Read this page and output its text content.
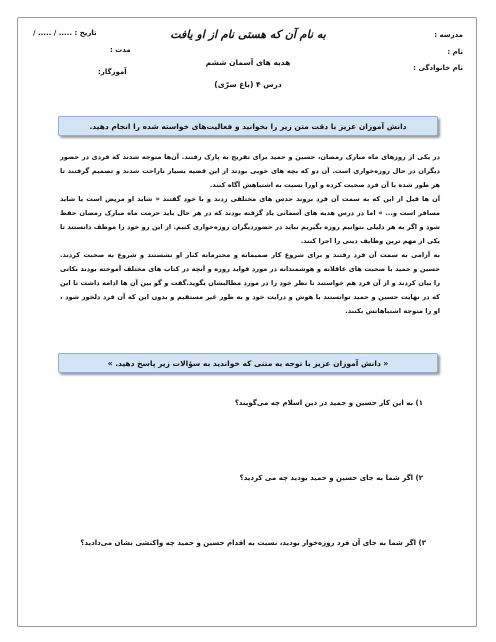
مدرسه :
نام :
نام خانوادگی :
تاریخ : ..... / ..... /
مدت :
آموزگار:
به نام آن که هستی نام از او یافت
هدیه های آسمان ششم
درس ۴ (باغ سرّی)
دانش آموزان عزیز با دقت متن زیر را بخوانید و فعالیت‌های خواسته شده را انجام دهید.

در یکی از روزهای ماه مبارک رمضان، حسین و حمید برای تفریح به پارک رفتند. آن‌ها متوجه شدند که فردی در حضور دیگران در حال روزه‌خواری است. آن دو که بچه های خوبی بودند از این قضیه بسیار ناراحت شدند و تصمیم گرفتند تا هر طور شده با آن فرد صحبت کرده و اورا نسبت به اشتباهش آگاه کنند.

آن ها قبل از این که به سمت آن فرد بروند حدس های مختلفی زدند و با خود گفتند « شاید او مریض است یا شاید مسافر است و... » اما در درس هدیه های آسمانی یاد گرفته بودند که در هر حال باید حرمت ماه مبارک رمضان حفظ شود و اگر به هر دلیلی نتوانیم روزه بگیریم نباید در حضوردیگران روزه‌خواری کنیم. از این رو خود را موظف دانستند تا یکی از مهم ترین وظایف دینی را اجرا کنند.

به آرامی به سمت آن فرد رفتند و برای شروع کار صمیمانه و محترمانه کنار او نشستند و شروع به صحبت کردند. حسین و حمید با صحبت های عاقلانه و هوشمندانه در مورد فواید روزه و آنچه در کتاب های مختلف آموخته بودند نکاتی را بیان کردند و از آن فرد هم خواستند تا نظر خود را در مورد مطالبشان بگوید.گفت و گو بین آن ها ادامه داشت تا این که در نهایت حسین و حمید توانستند با هوش و درایت خود و به طور غیر مستقیم و بدون این که آن فرد دلخور شود ، او را متوجه اشتباهاتش بکنند.

« دانش آموزان عزیز با توجه به متنی که خواندید به سؤالات زیر پاسخ دهید. »
۱) به این کار حسین و حمید در دین اسلام چه می‌گویند؟
۲) اگر شما به جای حسین و حمید بودید چه می کردید؟
۳) اگر شما به جای آن فرد روزه‌خوار بودید، نسبت به اقدام حسین و حمید چه واکنشی نشان می‌دادید؟
